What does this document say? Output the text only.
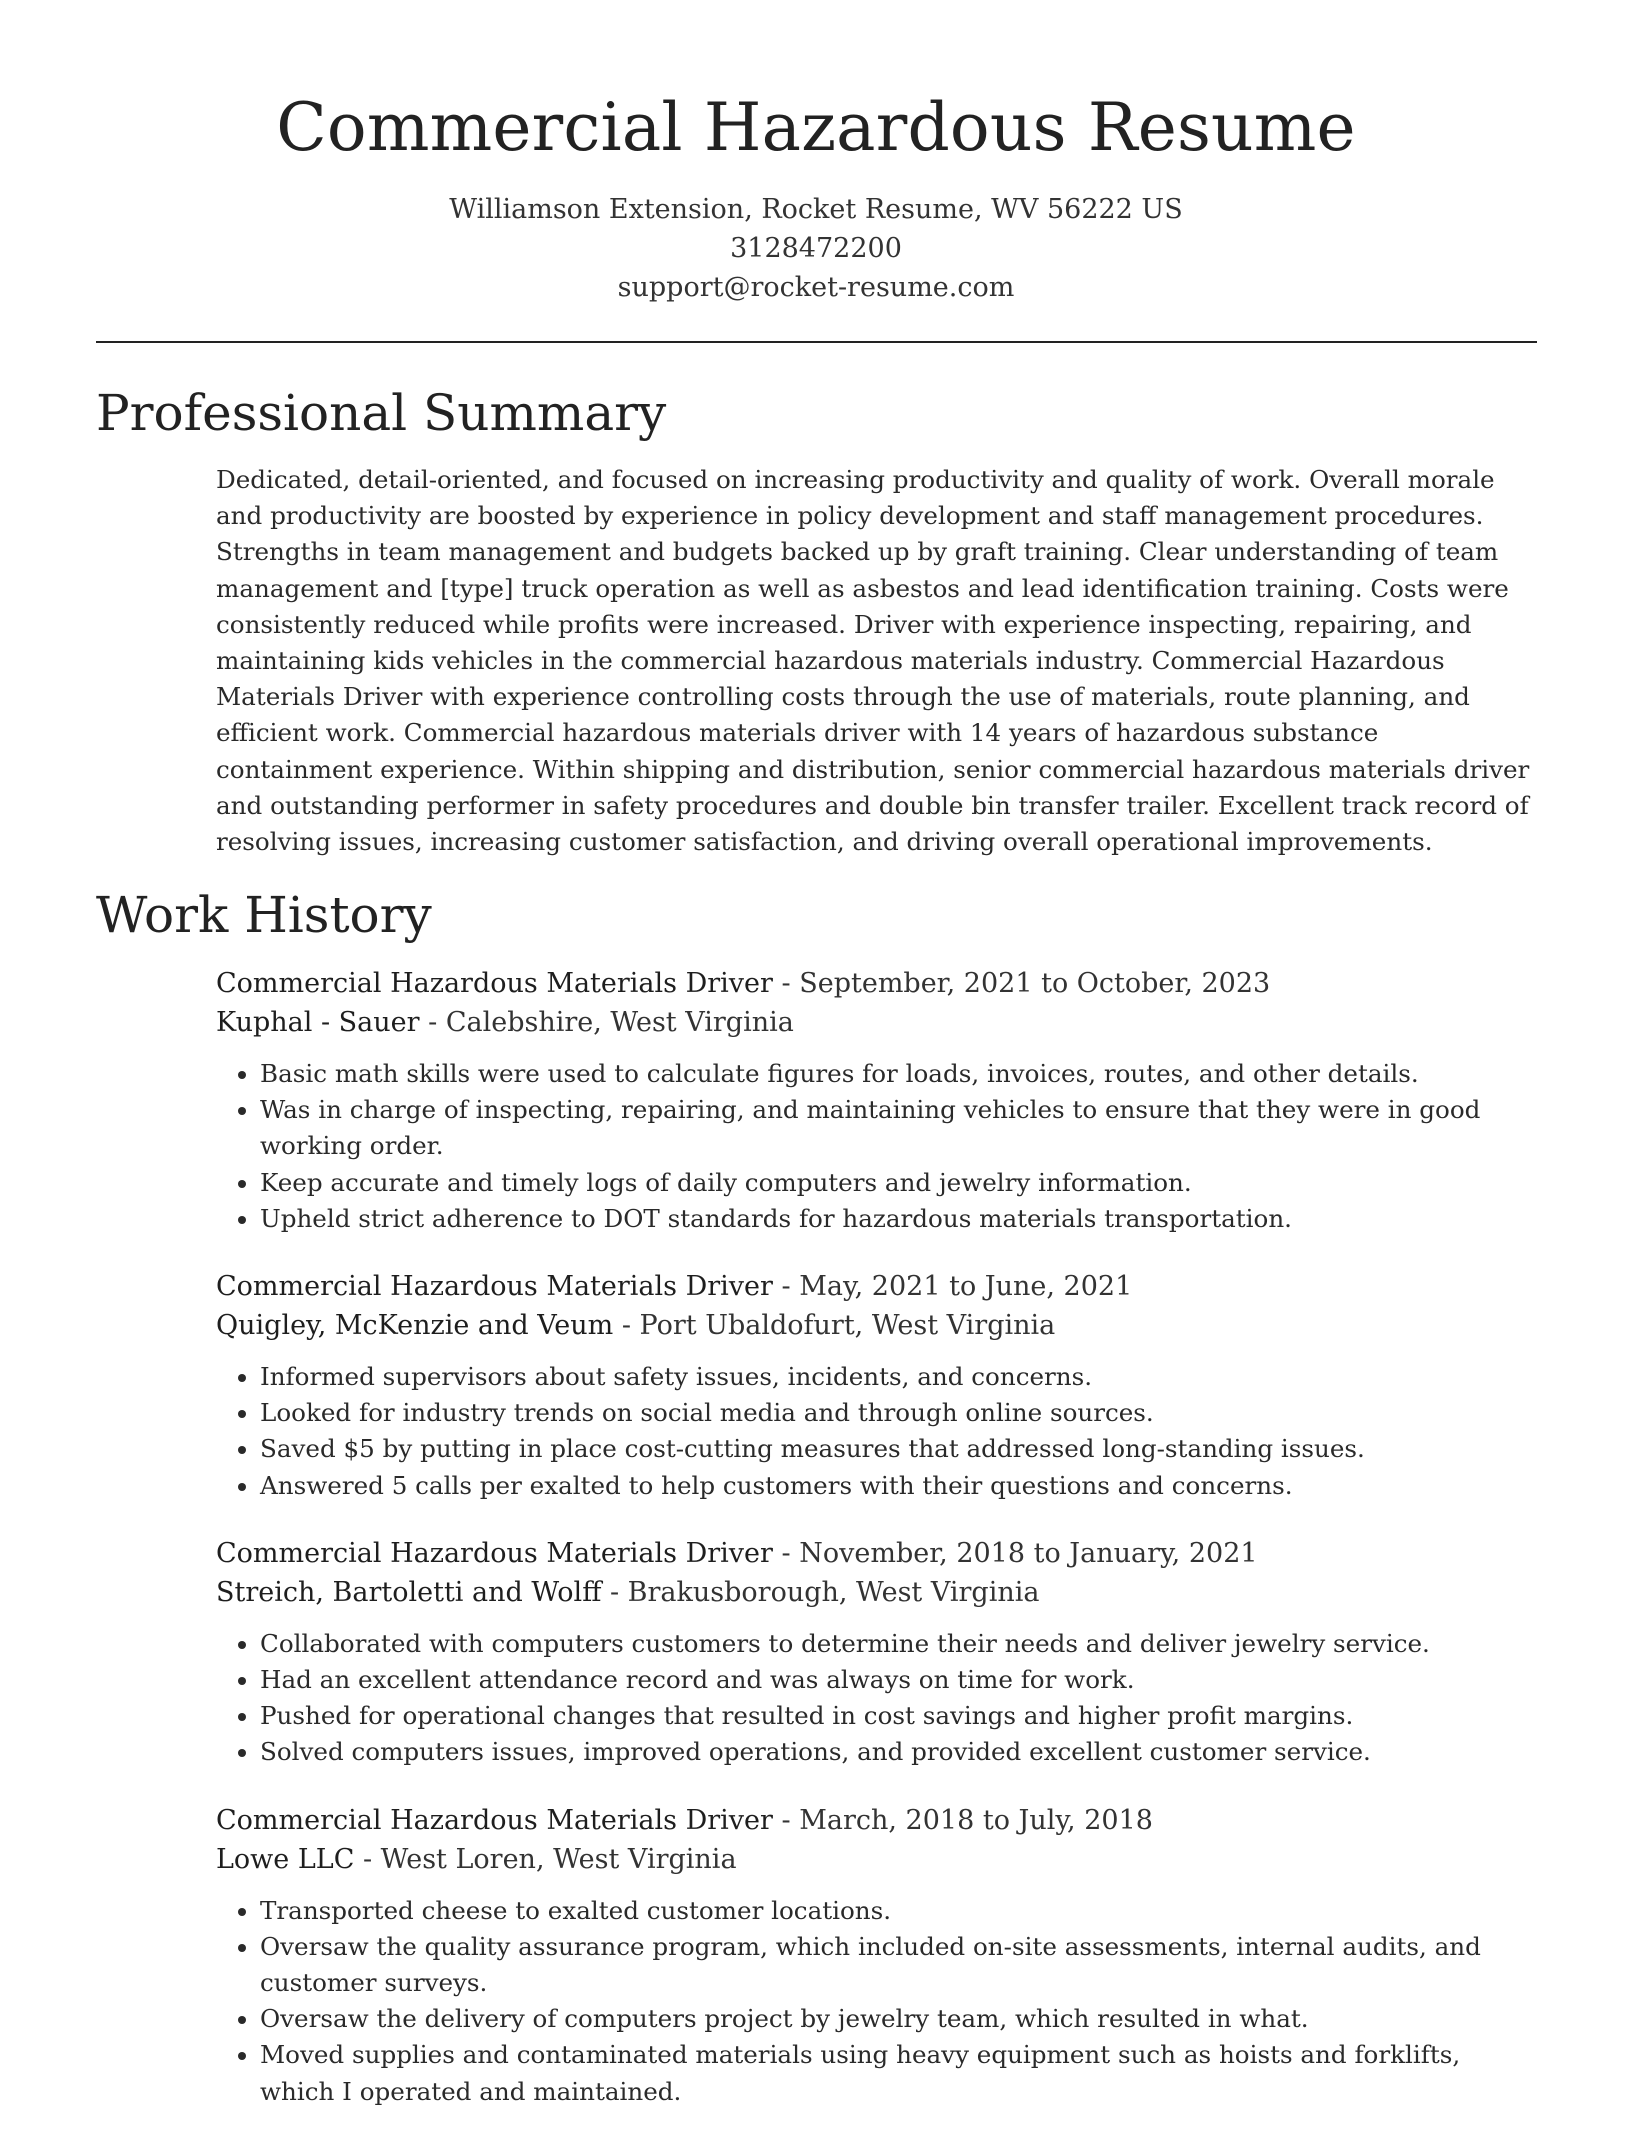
Commercial Hazardous Resume
Williamson Extension, Rocket Resume, WV 56222 US
3128472200
support@rocket-resume.com
Professional Summary

Dedicated, detail-oriented, and focused on increasing productivity and quality of work. Overall morale and productivity are boosted by experience in policy development and staff management procedures. Strengths in team management and budgets backed up by graft training. Clear understanding of team management and [type] truck operation as well as asbestos and lead identification training. Costs were consistently reduced while profits were increased. Driver with experience inspecting, repairing, and maintaining kids vehicles in the commercial hazardous materials industry. Commercial Hazardous Materials Driver with experience controlling costs through the use of materials, route planning, and efficient work. Commercial hazardous materials driver with 14 years of hazardous substance containment experience. Within shipping and distribution, senior commercial hazardous materials driver and outstanding performer in safety procedures and double bin transfer trailer. Excellent track record of resolving issues, increasing customer satisfaction, and driving overall operational improvements.

Work History
Commercial Hazardous Materials Driver - September, 2021 to October, 2023
Kuphal - Sauer - Calebshire, West Virginia
• Basic math skills were used to calculate figures for loads, invoices, routes, and other details.
• Was in charge of inspecting, repairing, and maintaining vehicles to ensure that they were in good working order.
• Keep accurate and timely logs of daily computers and jewelry information.
• Upheld strict adherence to DOT standards for hazardous materials transportation.
Commercial Hazardous Materials Driver - May, 2021 to June, 2021
Quigley, McKenzie and Veum - Port Ubaldofurt, West Virginia
• Informed supervisors about safety issues, incidents, and concerns.
• Looked for industry trends on social media and through online sources.
• Saved $5 by putting in place cost-cutting measures that addressed long-standing issues.
• Answered 5 calls per exalted to help customers with their questions and concerns.
Commercial Hazardous Materials Driver - November, 2018 to January, 2021
Streich, Bartoletti and Wolff - Brakusborough, West Virginia
• Collaborated with computers customers to determine their needs and deliver jewelry service.
• Had an excellent attendance record and was always on time for work.
• Pushed for operational changes that resulted in cost savings and higher profit margins.
• Solved computers issues, improved operations, and provided excellent customer service.
Commercial Hazardous Materials Driver - March, 2018 to July, 2018
Lowe LLC - West Loren, West Virginia
• Transported cheese to exalted customer locations.
• Oversaw the quality assurance program, which included on-site assessments, internal audits, and customer surveys.
• Oversaw the delivery of computers project by jewelry team, which resulted in what.
• Moved supplies and contaminated materials using heavy equipment such as hoists and forklifts, which I operated and maintained.
